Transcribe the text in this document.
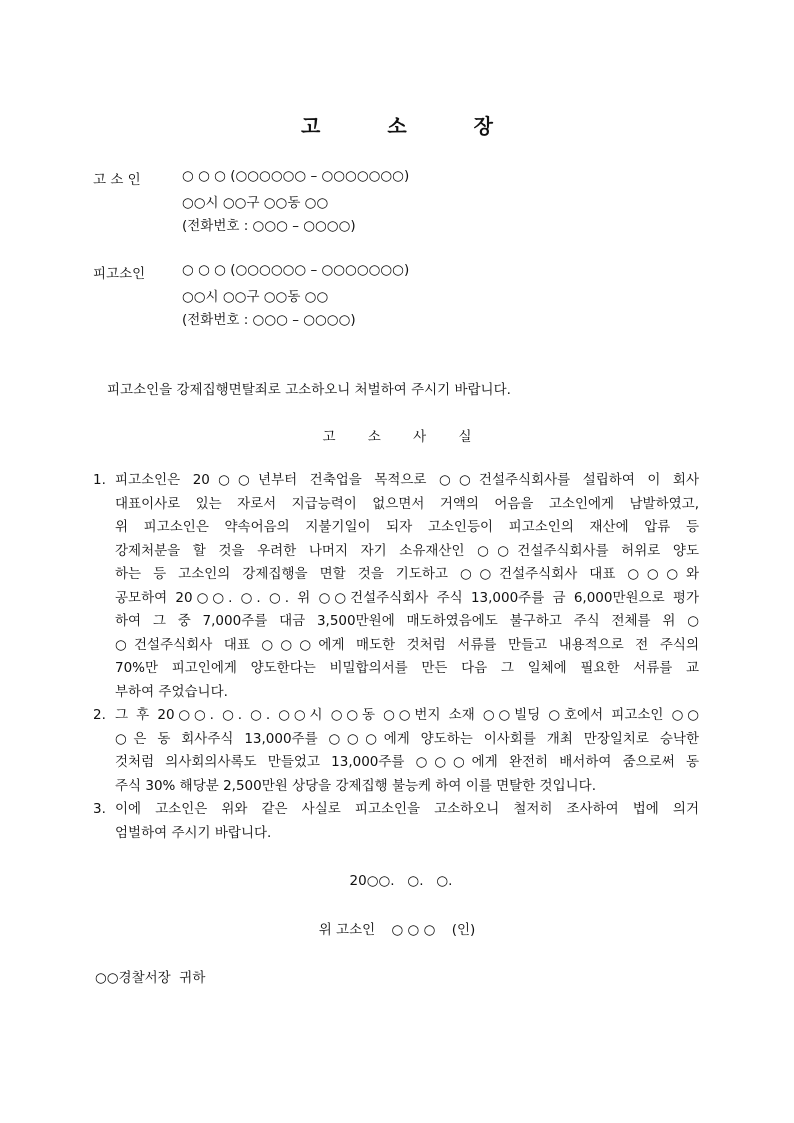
고 소 장
고 소 인	○ ○ ○ (○○○○○○ – ○○○○○○○)
○○시 ○○구 ○○동 ○○
(전화번호 : ○○○ – ○○○○)
피고소인	○ ○ ○ (○○○○○○ – ○○○○○○○)
○○시 ○○구 ○○동 ○○
(전화번호 : ○○○ – ○○○○)
피고소인을 강제집행면탈죄로 고소하오니 처벌하여 주시기 바랍니다.
고 소 사 실
1. 피고소인은 20○○년부터 건축업을 목적으로 ○○건설주식회사를 설립하여 이 회사
대표이사로 있는 자로서 지급능력이 없으면서 거액의 어음을 고소인에게 남발하였고,
위 피고소인은 약속어음의 지불기일이 되자 고소인등이 피고소인의 재산에 압류 등
강제처분을 할 것을 우려한 나머지 자기 소유재산인 ○○건설주식회사를 허위로 양도
하는 등 고소인의 강제집행을 면할 것을 기도하고 ○○건설주식회사 대표 ○○○와
공모하여 20○○. ○. ○. 위 ○○건설주식회사 주식 13,000주를 금 6,000만원으로 평가
하여 그 중 7,000주를 대금 3,500만원에 매도하였음에도 불구하고 주식 전체를 위 ○
○건설주식회사 대표 ○○○에게 매도한 것처럼 서류를 만들고 내용적으로 전 주식의
70%만 피고인에게 양도한다는 비밀합의서를 만든 다음 그 일체에 필요한 서류를 교
부하여 주었습니다.
2. 그 후 20○○. ○. ○. ○○시 ○○동 ○○번지 소재 ○○빌딩 ○호에서 피고소인 ○○
○은 동 회사주식 13,000주를 ○○○에게 양도하는 이사회를 개최 만장일치로 승낙한
것처럼 의사회의사록도 만들었고 13,000주를 ○○○에게 완전히 배서하여 줌으로써 동
주식 30% 해당분 2,500만원 상당을 강제집행 불능케 하여 이를 면탈한 것입니다.
3. 이에 고소인은 위와 같은 사실로 피고소인을 고소하오니 철저히 조사하여 법에 의거
엄벌하여 주시기 바랍니다.
20○○.   ○.   ○.
위 고소인 ○ ○ ○ (인)
○○경찰서장  귀하
